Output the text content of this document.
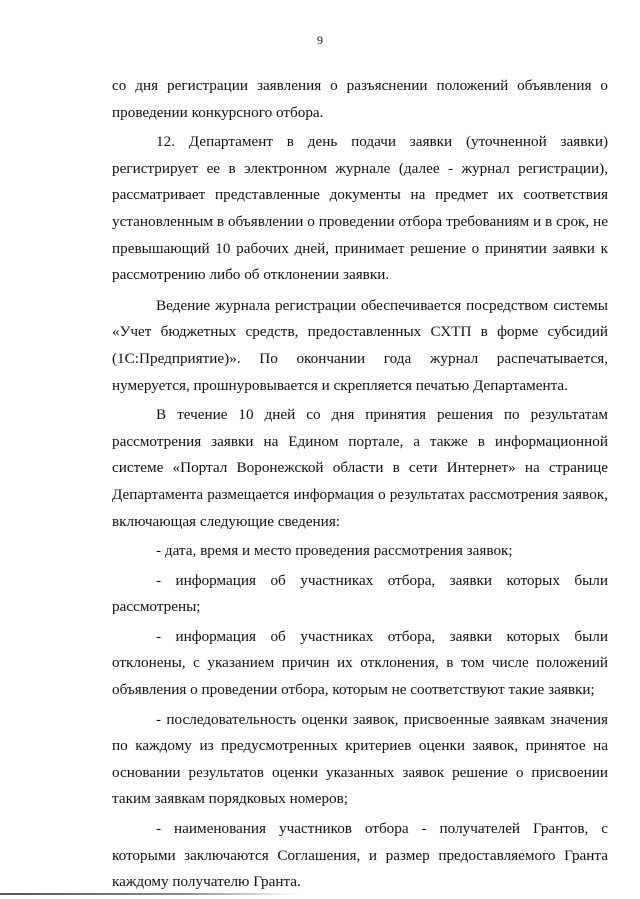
9

со дня регистрации заявления о разъяснении положений объявления о проведении конкурсного отбора.

12. Департамент в день подачи заявки (уточненной заявки) регистрирует ее в электронном журнале (далее - журнал регистрации), рассматривает представленные документы на предмет их соответствия установленным в объявлении о проведении отбора требованиям и в срок, не превышающий 10 рабочих дней, принимает решение о принятии заявки к рассмотрению либо об отклонении заявки.

Ведение журнала регистрации обеспечивается посредством системы «Учет бюджетных средств, предоставленных СХТП в форме субсидий (1С:Предприятие)». По окончании года журнал распечатывается, нумеруется, прошнуровывается и скрепляется печатью Департамента.

В течение 10 дней со дня принятия решения по результатам рассмотрения заявки на Едином портале, а также в информационной системе «Портал Воронежской области в сети Интернет» на странице Департамента размещается информация о результатах рассмотрения заявок, включающая следующие сведения:

- дата, время и место проведения рассмотрения заявок;

- информация об участниках отбора, заявки которых были рассмотрены;

- информация об участниках отбора, заявки которых были отклонены, с указанием причин их отклонения, в том числе положений объявления о проведении отбора, которым не соответствуют такие заявки;

- последовательность оценки заявок, присвоенные заявкам значения по каждому из предусмотренных критериев оценки заявок, принятое на основании результатов оценки указанных заявок решение о присвоении таким заявкам порядковых номеров;

- наименования участников отбора - получателей Грантов, с которыми заключаются Соглашения, и размер предоставляемого Гранта каждому получателю Гранта.
